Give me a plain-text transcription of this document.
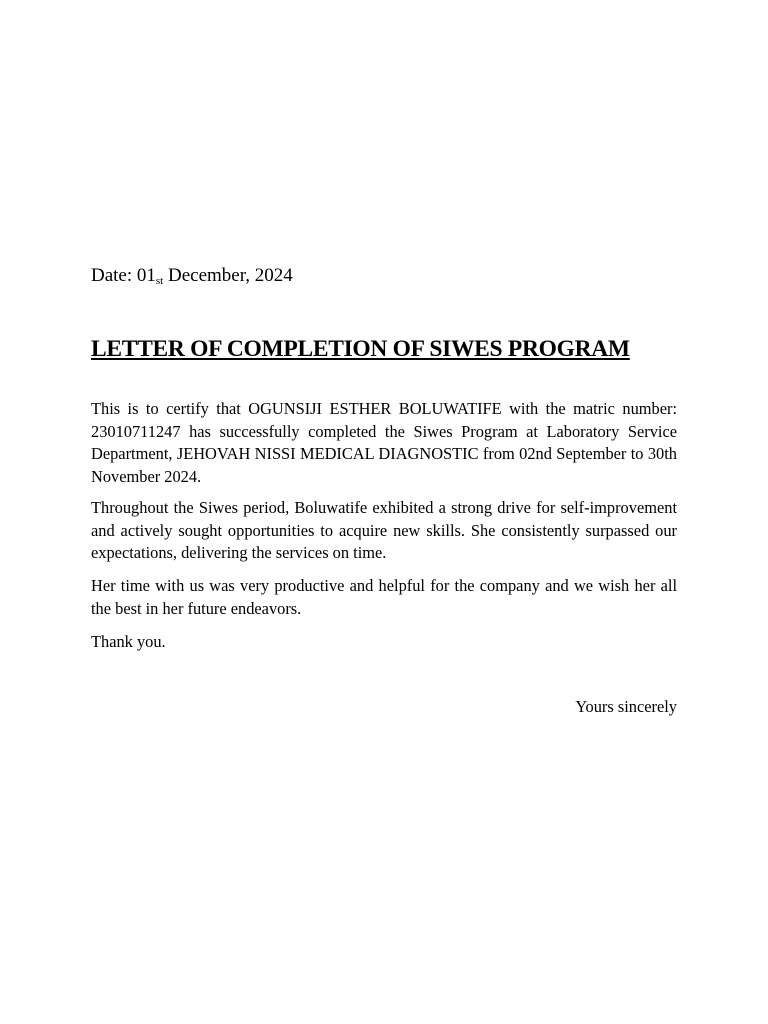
Date: $01_{st}$ December, 2024
LETTER OF COMPLETION OF SIWES PROGRAM

This is to certify that OGUNSIJI ESTHER BOLUWATIFE with the matric number: 23010711247 has successfully completed the Siwes Program at Laboratory Service Department, JEHOVAH NISSI MEDICAL DIAGNOSTIC from 02nd September to 30th November 2024.

Throughout the Siwes period, Boluwatife exhibited a strong drive for self-improvement and actively sought opportunities to acquire new skills. She consistently surpassed our expectations, delivering the services on time.

Her time with us was very productive and helpful for the company and we wish her all the best in her future endeavors.

Thank you.

Yours sincerely
